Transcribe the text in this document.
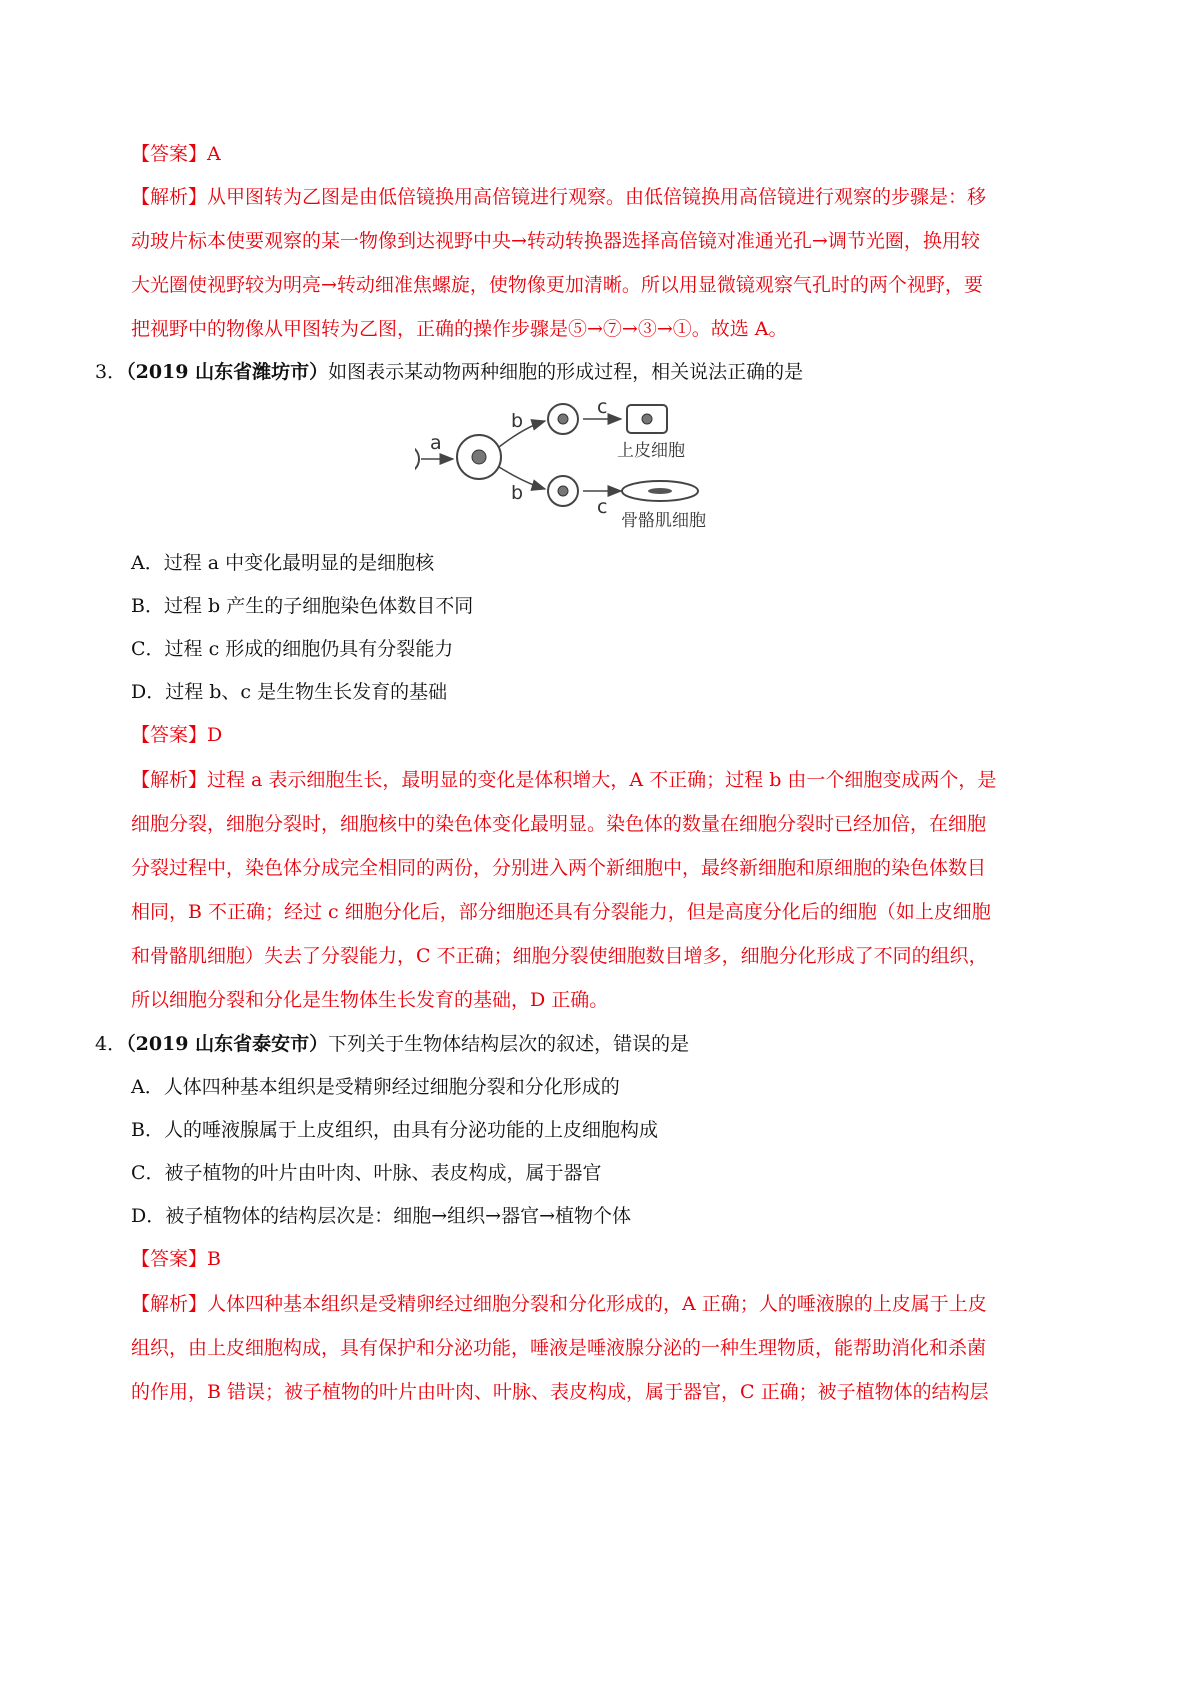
【答案】A
【解析】从甲图转为乙图是由低倍镜换用高倍镜进行观察。由低倍镜换用高倍镜进行观察的步骤是：移
动玻片标本使要观察的某一物像到达视野中央→转动转换器选择高倍镜对准通光孔→调节光圈，换用较
大光圈使视野较为明亮→转动细准焦螺旋，使物像更加清晰。所以用显微镜观察气孔时的两个视野，要
把视野中的物像从甲图转为乙图，正确的操作步骤是⑤→⑦→③→①。故选 A。
3．（2019 山东省潍坊市）如图表示某动物两种细胞的形成过程，相关说法正确的是
a
b
b
c
c
上皮细胞
骨骼肌细胞
A．过程 a 中变化最明显的是细胞核
B．过程 b 产生的子细胞染色体数目不同
C．过程 c 形成的细胞仍具有分裂能力
D．过程 b、c 是生物生长发育的基础
【答案】D
【解析】过程 a 表示细胞生长，最明显的变化是体积增大，A 不正确；过程 b 由一个细胞变成两个，是
细胞分裂，细胞分裂时，细胞核中的染色体变化最明显。染色体的数量在细胞分裂时已经加倍，在细胞
分裂过程中，染色体分成完全相同的两份，分别进入两个新细胞中，最终新细胞和原细胞的染色体数目
相同，B 不正确；经过 c 细胞分化后，部分细胞还具有分裂能力，但是高度分化后的细胞（如上皮细胞
和骨骼肌细胞）失去了分裂能力，C 不正确；细胞分裂使细胞数目增多，细胞分化形成了不同的组织，
所以细胞分裂和分化是生物体生长发育的基础，D 正确。
4．（2019 山东省泰安市）下列关于生物体结构层次的叙述，错误的是
A．人体四种基本组织是受精卵经过细胞分裂和分化形成的
B．人的唾液腺属于上皮组织，由具有分泌功能的上皮细胞构成
C．被子植物的叶片由叶肉、叶脉、表皮构成，属于器官
D．被子植物体的结构层次是：细胞→组织→器官→植物个体
【答案】B
【解析】人体四种基本组织是受精卵经过细胞分裂和分化形成的，A 正确；人的唾液腺的上皮属于上皮
组织，由上皮细胞构成，具有保护和分泌功能，唾液是唾液腺分泌的一种生理物质，能帮助消化和杀菌
的作用，B 错误；被子植物的叶片由叶肉、叶脉、表皮构成，属于器官，C 正确；被子植物体的结构层
